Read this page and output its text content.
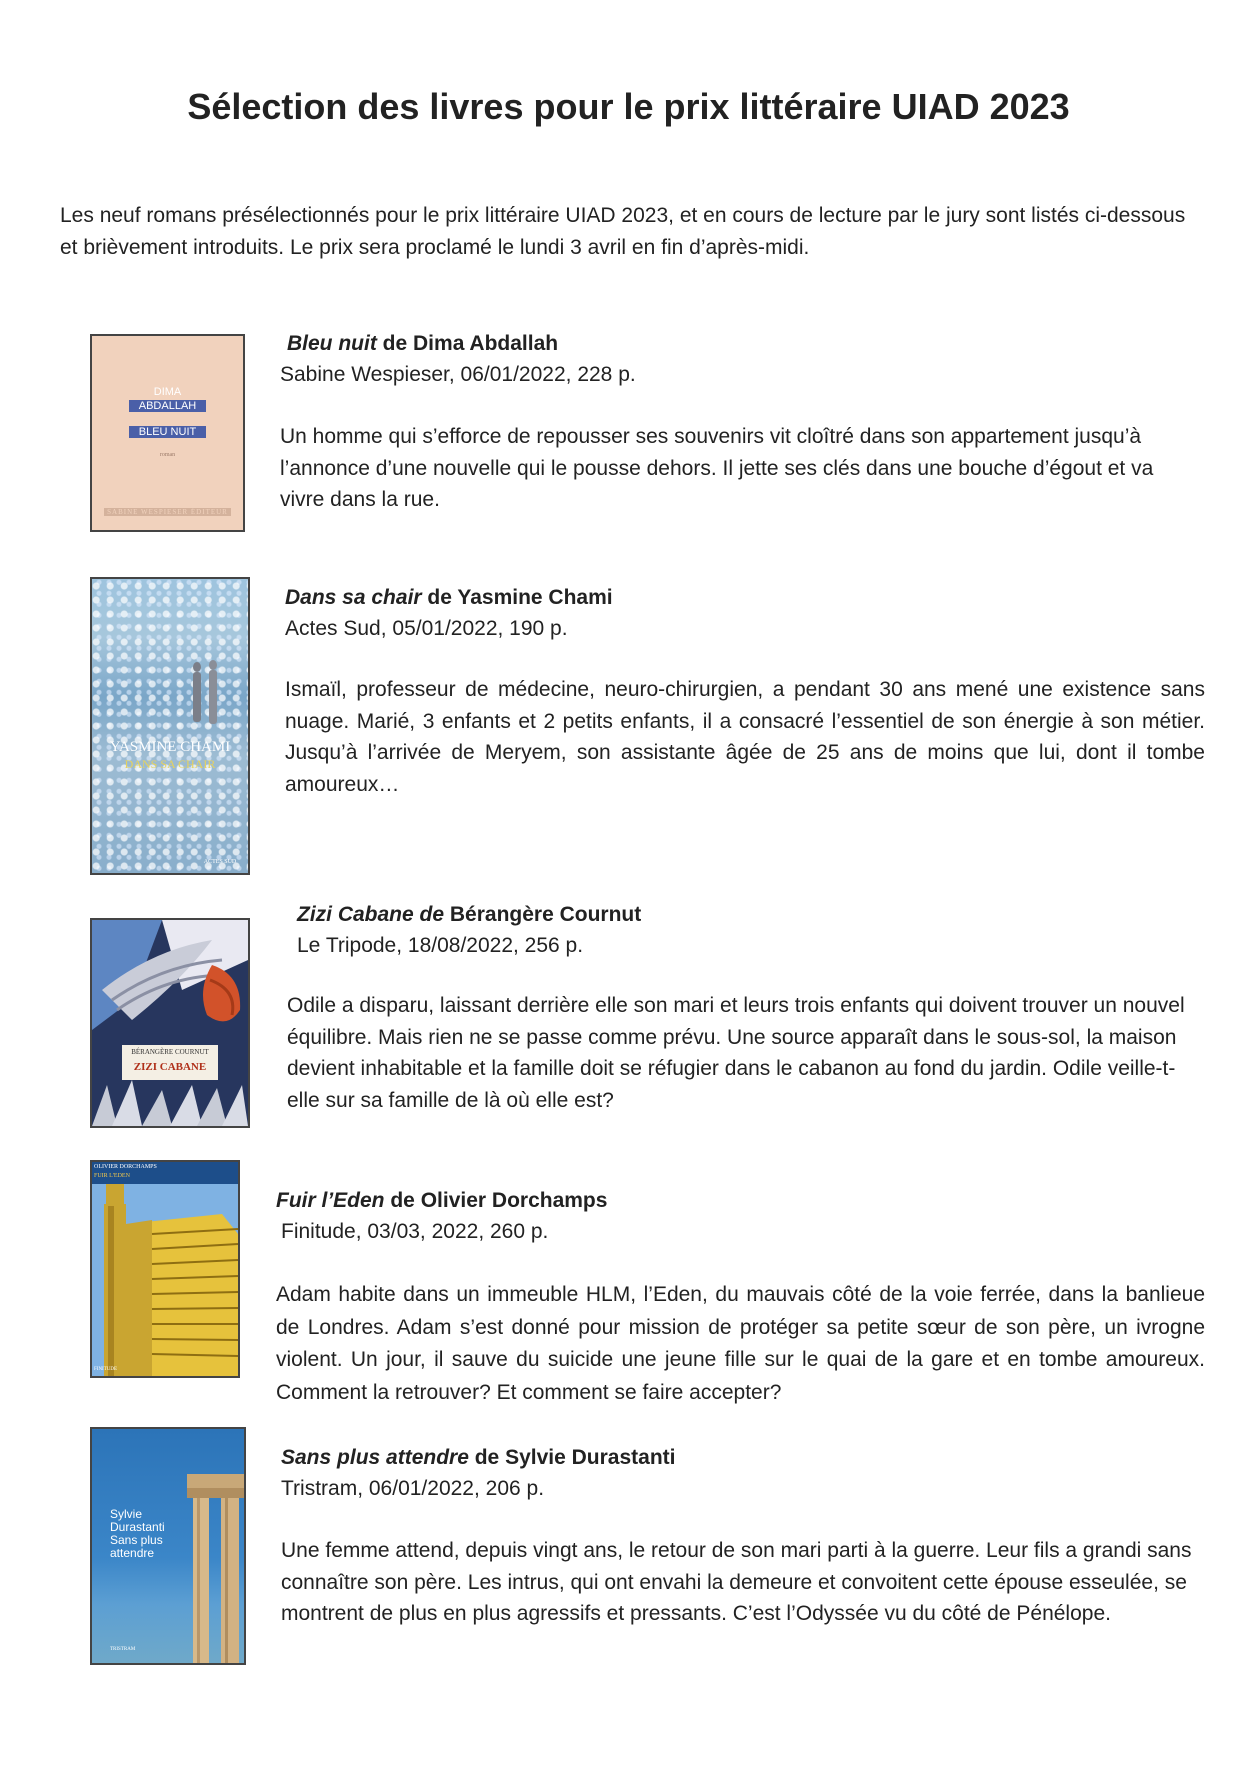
Sélection des livres pour le prix littéraire UIAD 2023

Les neuf romans présélectionnés pour le prix littéraire UIAD 2023, et en cours de lecture par le jury sont listés ci-dessous et brièvement introduits. Le prix sera proclamé le lundi 3 avril en fin d’après-midi.

DIMA
ABDALLAH
BLEU NUIT
roman
SABINE WESPIESER ÉDITEUR
Bleu nuit de Dima Abdallah
Sabine Wespieser, 06/01/2022, 228 p.

Un homme qui s’efforce de repousser ses souvenirs vit cloîtré dans son appartement jusqu’à l’annonce d’une nouvelle qui le pousse dehors. Il jette ses clés dans une bouche d’égout et va vivre dans la rue.

YASMINE CHAMI
DANS SA CHAIR
ACTES SUD
Dans sa chair de Yasmine Chami
Actes Sud, 05/01/2022, 190 p.

Ismaïl, professeur de médecine, neuro-chirurgien, a pendant 30 ans mené une existence sans nuage. Marié, 3 enfants et 2 petits enfants, il a consacré l’essentiel de son énergie à son métier. Jusqu’à l’arrivée de Meryem, son assistante âgée de 25 ans de moins que lui, dont il tombe amoureux…

BÉRANGÈRE COURNUT
ZIZI CABANE
Zizi Cabane de Bérangère Cournut
Le Tripode, 18/08/2022, 256 p.

Odile a disparu, laissant derrière elle son mari et leurs trois enfants qui doivent trouver un nouvel équilibre. Mais rien ne se passe comme prévu. Une source apparaît dans le sous-sol, la maison devient inhabitable et la famille doit se réfugier dans le cabanon au fond du jardin. Odile veille-t-elle sur sa famille de là où elle est?

OLIVIER DORCHAMPS
FUIR L'EDEN
FINITUDE
Fuir l’Eden de Olivier Dorchamps
Finitude, 03/03, 2022, 260 p.

Adam habite dans un immeuble HLM, l’Eden, du mauvais côté de la voie ferrée, dans la banlieue de Londres. Adam s’est donné pour mission de protéger sa petite sœur de son père, un ivrogne violent. Un jour, il sauve du suicide une jeune fille sur le quai de la gare et en tombe amoureux. Comment la retrouver? Et comment se faire accepter?

Sylvie
Durastanti
Sans plus
attendre
TRISTRAM
Sans plus attendre de Sylvie Durastanti
Tristram, 06/01/2022, 206 p.

Une femme attend, depuis vingt ans, le retour de son mari parti à la guerre. Leur fils a grandi sans connaître son père. Les intrus, qui ont envahi la demeure et convoitent cette épouse esseulée, se montrent de plus en plus agressifs et pressants. C’est l’Odyssée vu du côté de Pénélope.
